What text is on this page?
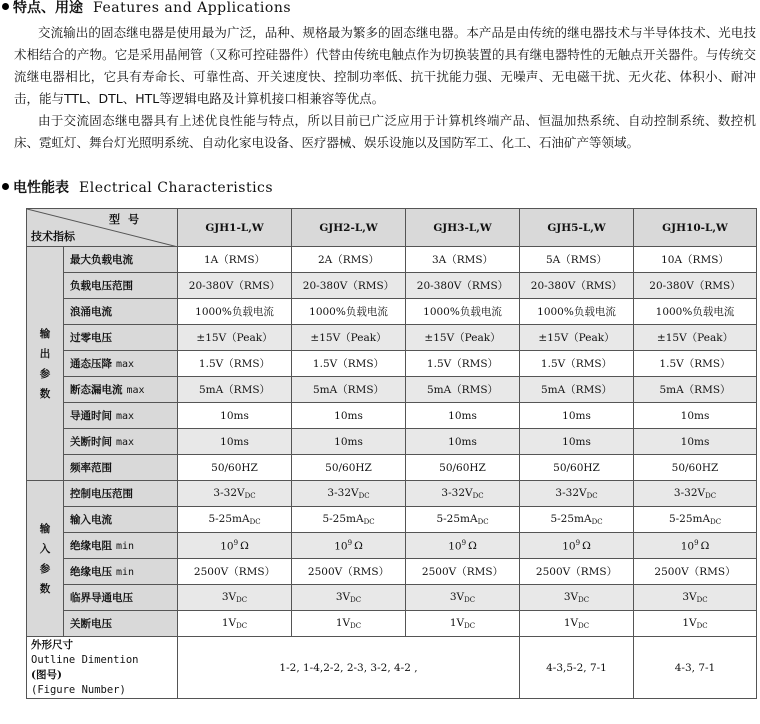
特点、用途 Features and Applications
交流输出的固态继电器是使用最为广泛，品种、规格最为繁多的固态继电器。本产品是由传统的继电器技术与半导体技术、光电技术相结合的产物。它是采用晶闸管（又称可控硅器件）代替由传统电触点作为切换装置的具有继电器特性的无触点开关器件。与传统交流继电器相比，它具有寿命长、可靠性高、开关速度快、控制功率低、抗干扰能力强、无噪声、无电磁干扰、无火花、体积小、耐冲击，能与TTL、DTL、HTL等逻辑电路及计算机接口相兼容等优点。
由于交流固态继电器具有上述优良性能与特点，所以目前已广泛应用于计算机终端产品、恒温加热系统、自动控制系统、数控机床、霓虹灯、舞台灯光照明系统、自动化家电设备、医疗器械、娱乐设施以及国防军工、化工、石油矿产等领域。
电性能表 Electrical Characteristics
型号
技术指标		GJH1-L,W	GJH2-L,W	GJH3-L,W	GJH5-L,W	GJH10-L,W
输出参数	最大负载电流	1A（RMS）	2A（RMS）	3A（RMS）	5A（RMS）	10A（RMS）
	负载电压范围	20-380V（RMS）	20-380V（RMS）	20-380V（RMS）	20-380V（RMS）	20-380V（RMS）
	浪涌电流	1000%负载电流	1000%负载电流	1000%负载电流	1000%负载电流	1000%负载电流
	过零电压	±15V（Peak）	±15V（Peak）	±15V（Peak）	±15V（Peak）	±15V（Peak）
	通态压降 max	1.5V（RMS）	1.5V（RMS）	1.5V（RMS）	1.5V（RMS）	1.5V（RMS）
	断态漏电流 max	5mA（RMS）	5mA（RMS）	5mA（RMS）	5mA（RMS）	5mA（RMS）
	导通时间 max	10ms	10ms	10ms	10ms	10ms
	关断时间 max	10ms	10ms	10ms	10ms	10ms
	频率范围	50/60HZ	50/60HZ	50/60HZ	50/60HZ	50/60HZ
输入参数	控制电压范围	$3-32V_{DC}$	$3-32V_{DC}$	$3-32V_{DC}$	$3-32V_{DC}$	$3-32V_{DC}$
	输入电流	$5-25mA_{DC}$	$5-25mA_{DC}$	$5-25mA_{DC}$	$5-25mA_{DC}$	$5-25mA_{DC}$
	绝缘电阻 min	$10^9$ Ω	$10^9$ Ω	$10^9$ Ω	$10^9$ Ω	$10^9$ Ω
	绝缘电压 min	2500V（RMS）	2500V（RMS）	2500V（RMS）	2500V（RMS）	2500V（RMS）
	临界导通电压	$3V_{DC}$	$3V_{DC}$	$3V_{DC}$	$3V_{DC}$	$3V_{DC}$
	关断电压	$1V_{DC}$	$1V_{DC}$	$1V_{DC}$	$1V_{DC}$	$1V_{DC}$

外形尺寸
Outline Dimention
(图号)
(Figure Number)		1-2, 1-4,2-2, 2-3, 3-2, 4-2 ,			4-3,5-2, 7-1	4-3, 7-1
